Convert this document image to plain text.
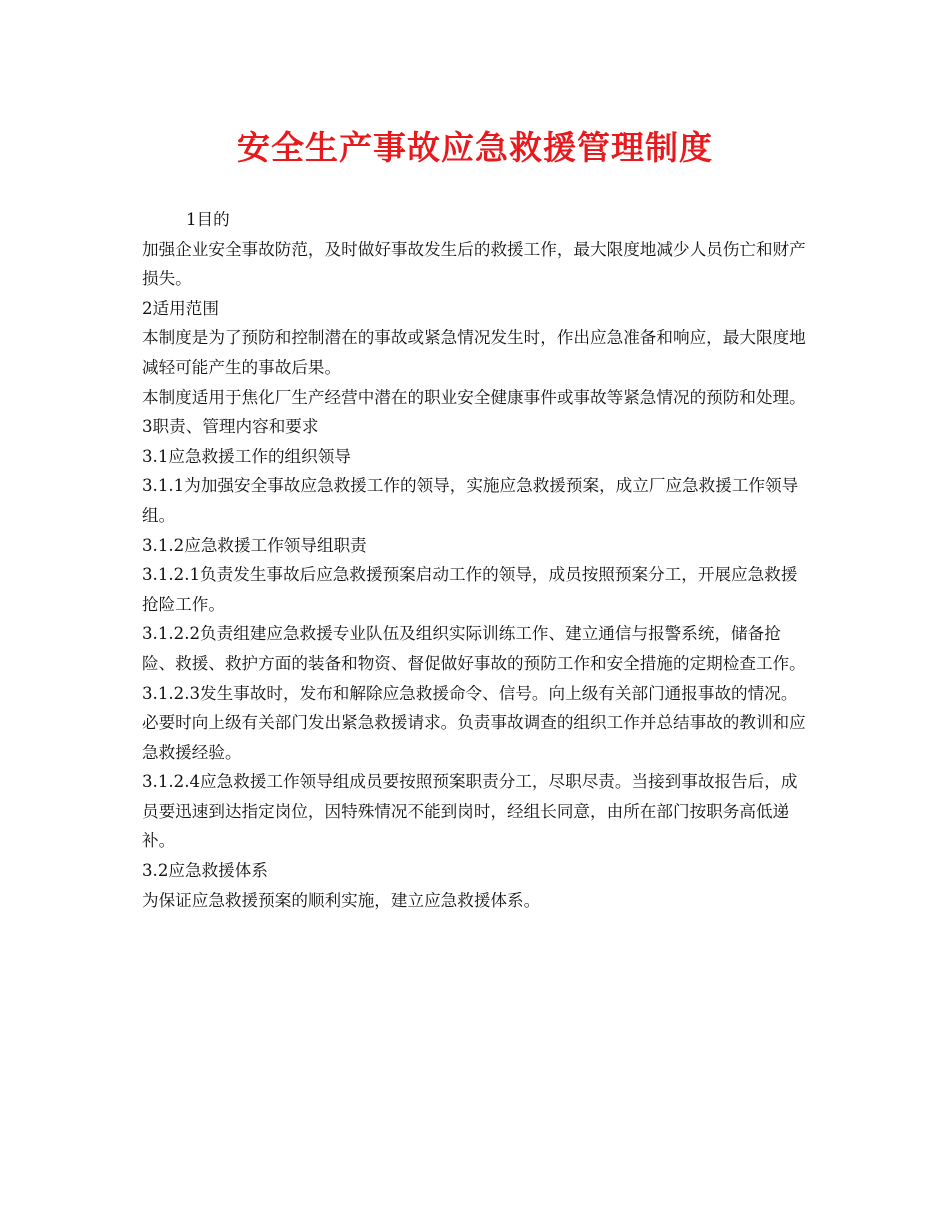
安全生产事故应急救援管理制度

1目的

加强企业安全事故防范，及时做好事故发生后的救援工作，最大限度地减少人员伤亡和财产损失。

2适用范围

本制度是为了预防和控制潜在的事故或紧急情况发生时，作出应急准备和响应，最大限度地减轻可能产生的事故后果。

本制度适用于焦化厂生产经营中潜在的职业安全健康事件或事故等紧急情况的预防和处理。

3职责、管理内容和要求

3.1应急救援工作的组织领导

3.1.1为加强安全事故应急救援工作的领导，实施应急救援预案，成立厂应急救援工作领导组。

3.1.2应急救援工作领导组职责

3.1.2.1负责发生事故后应急救援预案启动工作的领导，成员按照预案分工，开展应急救援抢险工作。

3.1.2.2负责组建应急救援专业队伍及组织实际训练工作、建立通信与报警系统，储备抢险、救援、救护方面的装备和物资、督促做好事故的预防工作和安全措施的定期检查工作。

3.1.2.3发生事故时，发布和解除应急救援命令、信号。向上级有关部门通报事故的情况。必要时向上级有关部门发出紧急救援请求。负责事故调查的组织工作并总结事故的教训和应急救援经验。

3.1.2.4应急救援工作领导组成员要按照预案职责分工，尽职尽责。当接到事故报告后，成员要迅速到达指定岗位，因特殊情况不能到岗时，经组长同意，由所在部门按职务高低递补。

3.2应急救援体系

为保证应急救援预案的顺利实施，建立应急救援体系。
